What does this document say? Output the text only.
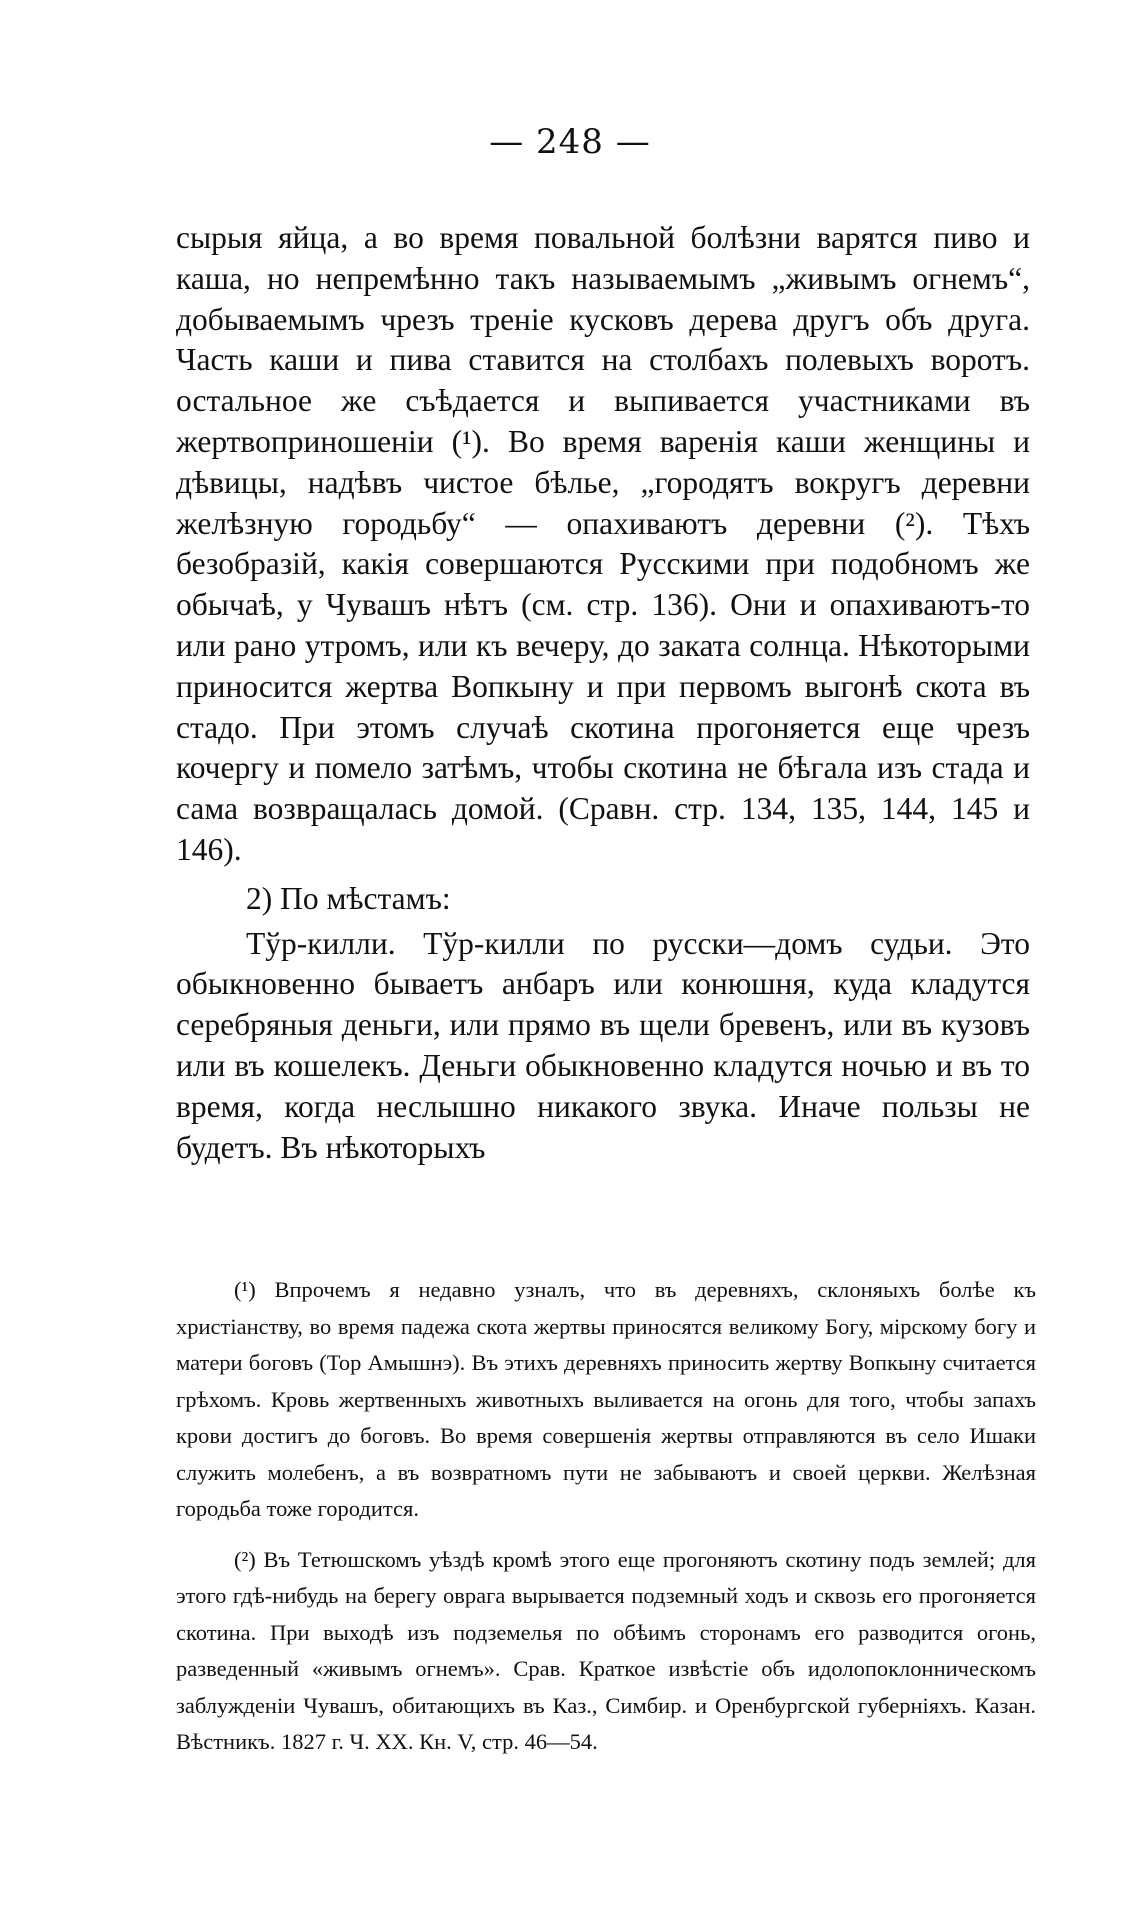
— 248 —

сырыя яйца, а во время повальной болѣзни варятся пиво и каша, но непремѣнно такъ называемымъ „живымъ огнемъ“, добываемымъ чрезъ треніе кусковъ дерева другъ объ друга. Часть каши и пива ставится на столбахъ полевыхъ воротъ. остальное же съѣдается и выпивается участниками въ жертвоприношеніи (¹). Во время варенія каши женщины и дѣвицы, надѣвъ чистое бѣлье, „городятъ вокругъ деревни желѣзную городьбу“ — опахиваютъ деревни (²). Тѣхъ безобразій, какія совершаются Русскими при подобномъ же обычаѣ, у Чувашъ нѣтъ (см. стр. 136). Они и опахиваютъ-то или рано утромъ, или къ вечеру, до заката солнца. Нѣкоторыми приносится жертва Вопкыну и при первомъ выгонѣ скота въ стадо. При этомъ случаѣ скотина прогоняется еще чрезъ кочергу и помело затѣмъ, чтобы скотина не бѣгала изъ стада и сама возвращалась домой. (Сравн. стр. 134, 135, 144, 145 и 146).

2) По мѣстамъ:

Тўр-килли. Тўр-килли по русски—домъ судьи. Это обыкновенно бываетъ анбаръ или конюшня, куда кладутся серебряныя деньги, или прямо въ щели бревенъ, или въ кузовъ или въ кошелекъ. Деньги обыкновенно кладутся ночью и въ то время, когда неслышно никакого звука. Иначе пользы не будетъ. Въ нѣкоторыхъ

(¹) Впрочемъ я недавно узналъ, что въ деревняхъ, склоняыхъ болѣе къ христіанству, во время падежа скота жертвы приносятся великому Богу, мірскому богу и матери боговъ (Тор Амышнэ). Въ этихъ деревняхъ приносить жертву Вопкыну считается грѣхомъ. Кровь жертвенныхъ животныхъ выливается на огонь для того, чтобы запахъ крови достигъ до боговъ. Во время совершенія жертвы отправляются въ село Ишаки служить молебенъ, а въ возвратномъ пути не забываютъ и своей церкви. Желѣзная городьба тоже городится.

(²) Въ Тетюшскомъ уѣздѣ кромѣ этого еще прогоняютъ скотину подъ землей; для этого гдѣ-нибудь на берегу оврага вырывается подземный ходъ и сквозь его прогоняется скотина. При выходѣ изъ подземелья по обѣимъ сторонамъ его разводится огонь, разведенный «живымъ огнемъ». Срав. Краткое извѣстіе объ идолопоклонническомъ заблужденіи Чувашъ, обитающихъ въ Каз., Симбир. и Оренбургской губерніяхъ. Казан. Вѣстникъ. 1827 г. Ч. XX. Кн. V, стр. 46—54.
